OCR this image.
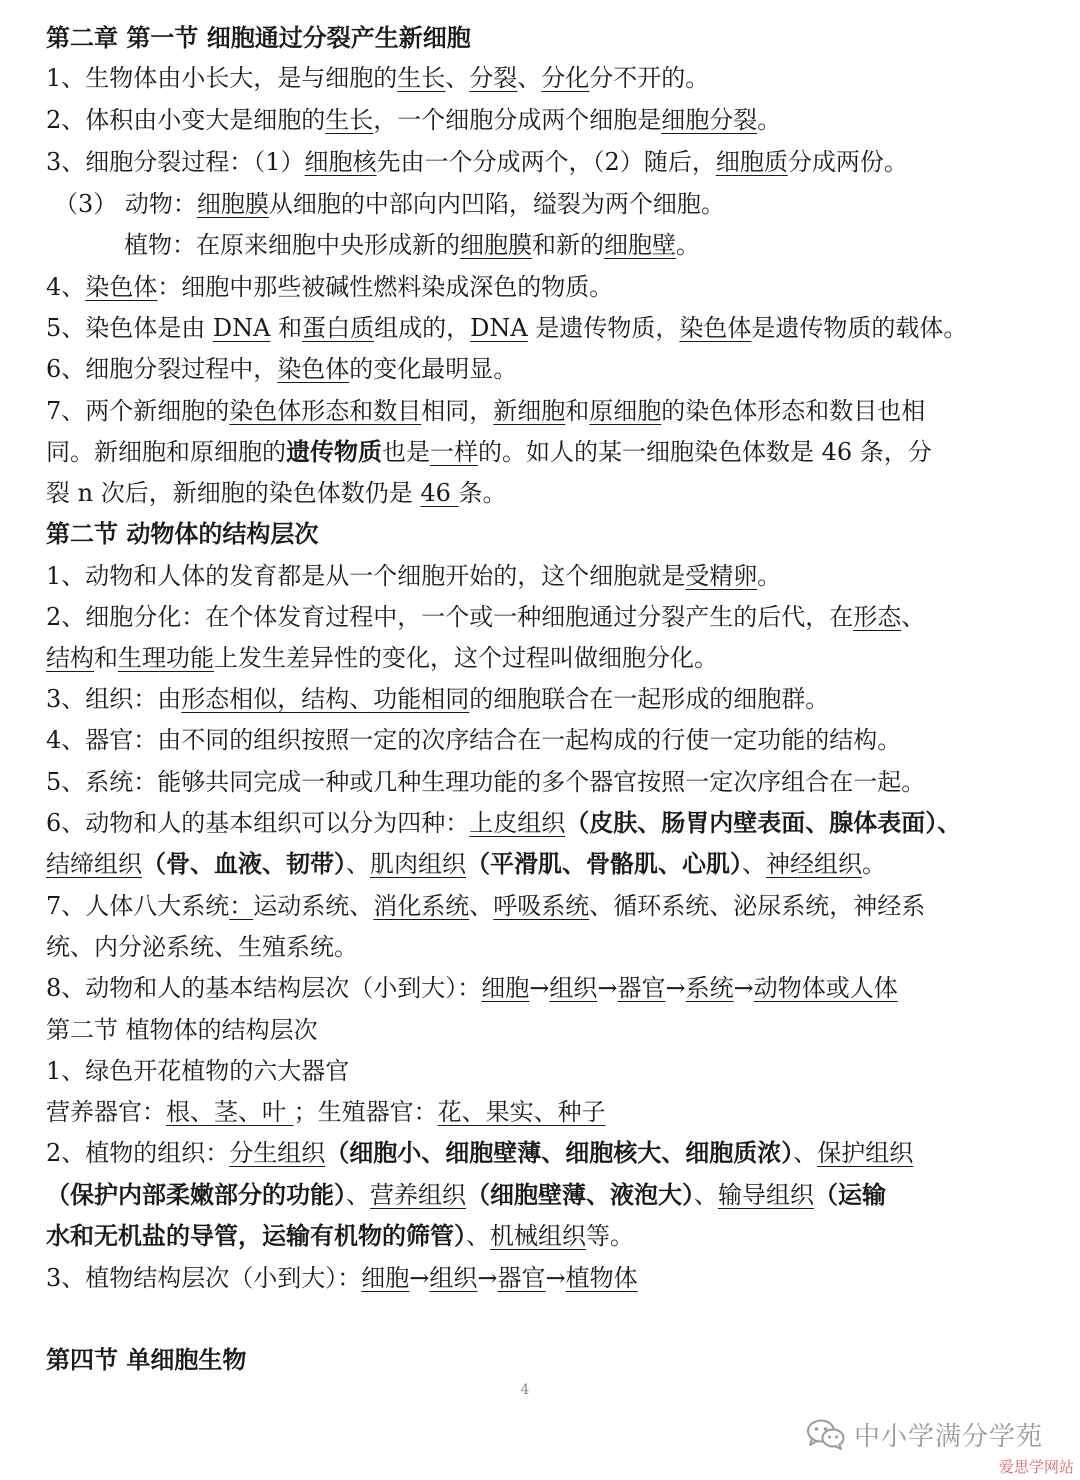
第二章 第一节 细胞通过分裂产生新细胞
1、生物体由小长大，是与细胞的生长、分裂、分化分不开的。
2、体积由小变大是细胞的生长，一个细胞分成两个细胞是细胞分裂。
3、细胞分裂过程：（1）细胞核先由一个分成两个，（2）随后，细胞质分成两份。
（3） 动物：细胞膜从细胞的中部向内凹陷，缢裂为两个细胞。
植物：在原来细胞中央形成新的细胞膜和新的细胞壁。
4、染色体：细胞中那些被碱性燃料染成深色的物质。
5、染色体是由 DNA 和蛋白质组成的，DNA 是遗传物质，染色体是遗传物质的载体。
6、细胞分裂过程中，染色体的变化最明显。
7、两个新细胞的染色体形态和数目相同，新细胞和原细胞的染色体形态和数目也相
同。新细胞和原细胞的遗传物质也是一样的。如人的某一细胞染色体数是 46 条，分
裂 n 次后，新细胞的染色体数仍是 46 条。
第二节 动物体的结构层次
1、动物和人体的发育都是从一个细胞开始的，这个细胞就是受精卵。
2、细胞分化：在个体发育过程中，一个或一种细胞通过分裂产生的后代，在形态、
结构和生理功能上发生差异性的变化，这个过程叫做细胞分化。
3、组织：由形态相似，结构、功能相同的细胞联合在一起形成的细胞群。
4、器官：由不同的组织按照一定的次序结合在一起构成的行使一定功能的结构。
5、系统：能够共同完成一种或几种生理功能的多个器官按照一定次序组合在一起。
6、动物和人的基本组织可以分为四种：上皮组织（皮肤、肠胃内壁表面、腺体表面）、
结缔组织（骨、血液、韧带）、肌肉组织（平滑肌、骨骼肌、心肌）、神经组织。
7、人体八大系统：运动系统、消化系统、呼吸系统、循环系统、泌尿系统，神经系
统、内分泌系统、生殖系统。
8、动物和人的基本结构层次（小到大）：细胞→组织→器官→系统→动物体或人体
第二节 植物体的结构层次
1、绿色开花植物的六大器官
营养器官：根、茎、叶 ；生殖器官：花、果实、种子
2、植物的组织：分生组织（细胞小、细胞壁薄、细胞核大、细胞质浓）、保护组织
（保护内部柔嫩部分的功能）、营养组织（细胞壁薄、液泡大）、输导组织（运输
水和无机盐的导管，运输有机物的筛管）、机械组织等。
3、植物结构层次（小到大）：细胞→组织→器官→植物体
第四节 单细胞生物
4
中小学满分学苑
爱思学网站
